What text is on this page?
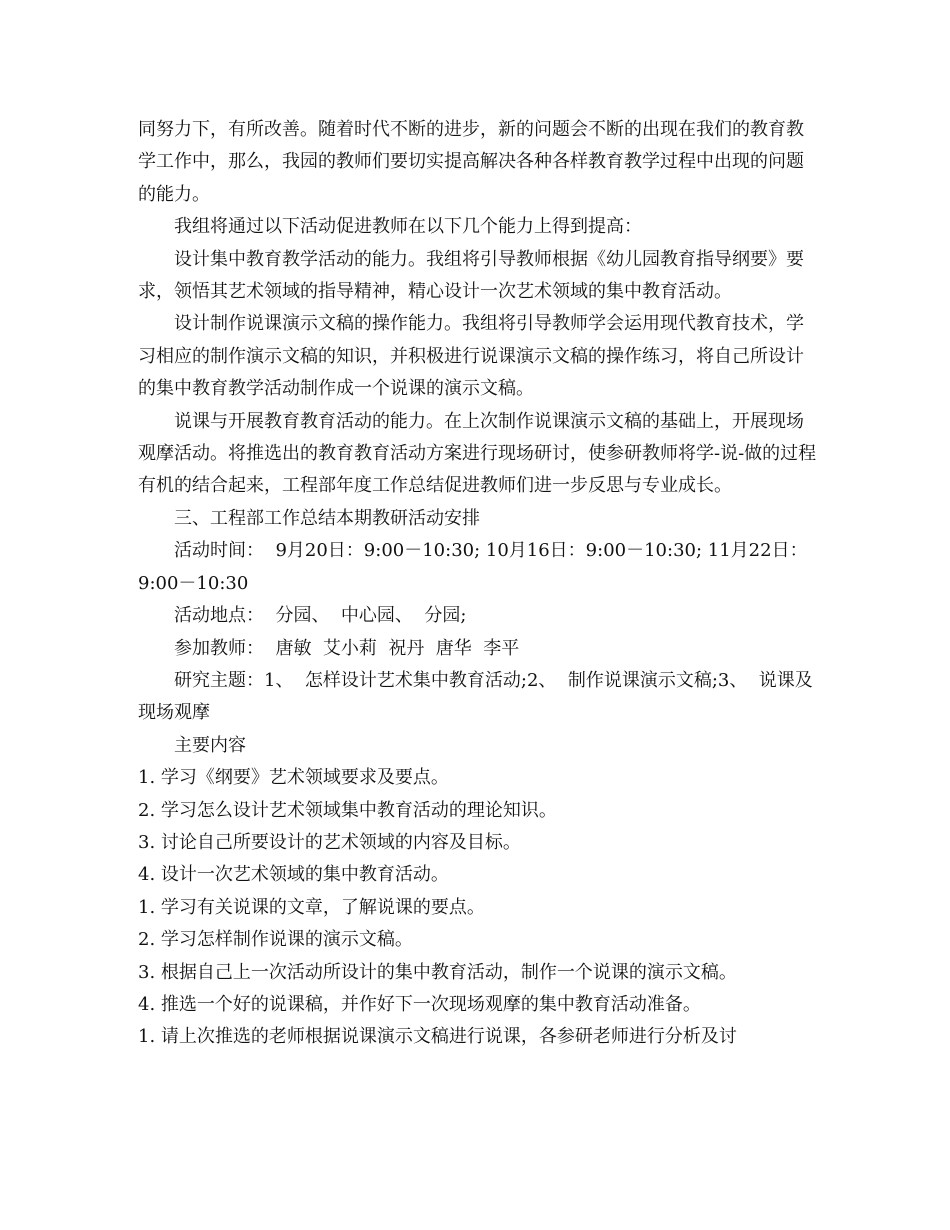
同努力下，有所改善。随着时代不断的进步，新的问题会不断的出现在我们的教育教学工作中，那么，我园的教师们要切实提高解决各种各样教育教学过程中出现的问题的能力。

我组将通过以下活动促进教师在以下几个能力上得到提高：

设计集中教育教学活动的能力。我组将引导教师根据《幼儿园教育指导纲要》要求，领悟其艺术领域的指导精神，精心设计一次艺术领域的集中教育活动。

设计制作说课演示文稿的操作能力。我组将引导教师学会运用现代教育技术，学习相应的制作演示文稿的知识，并积极进行说课演示文稿的操作练习，将自己所设计的集中教育教学活动制作成一个说课的演示文稿。

说课与开展教育教育活动的能力。在上次制作说课演示文稿的基础上，开展现场观摩活动。将推选出的教育教育活动方案进行现场研讨，使参研教师将学-说-做的过程有机的结合起来，工程部年度工作总结促进教师们进一步反思与专业成长。

三、工程部工作总结本期教研活动安排

活动时间：  9月20日：9:00－10:30; 10月16日：9:00－10:30; 11月22日：9:00－10:30

活动地点：  分园、  中心园、  分园;

参加教师：  唐敏  艾小莉  祝丹  唐华  李平

研究主题：1、  怎样设计艺术集中教育活动;2、  制作说课演示文稿;3、  说课及现场观摩

主要内容

1. 学习《纲要》艺术领域要求及要点。

2. 学习怎么设计艺术领域集中教育活动的理论知识。

3. 讨论自己所要设计的艺术领域的内容及目标。

4. 设计一次艺术领域的集中教育活动。

1. 学习有关说课的文章，了解说课的要点。

2. 学习怎样制作说课的演示文稿。

3. 根据自己上一次活动所设计的集中教育活动，制作一个说课的演示文稿。

4. 推选一个好的说课稿，并作好下一次现场观摩的集中教育活动准备。

1. 请上次推选的老师根据说课演示文稿进行说课，各参研老师进行分析及讨
